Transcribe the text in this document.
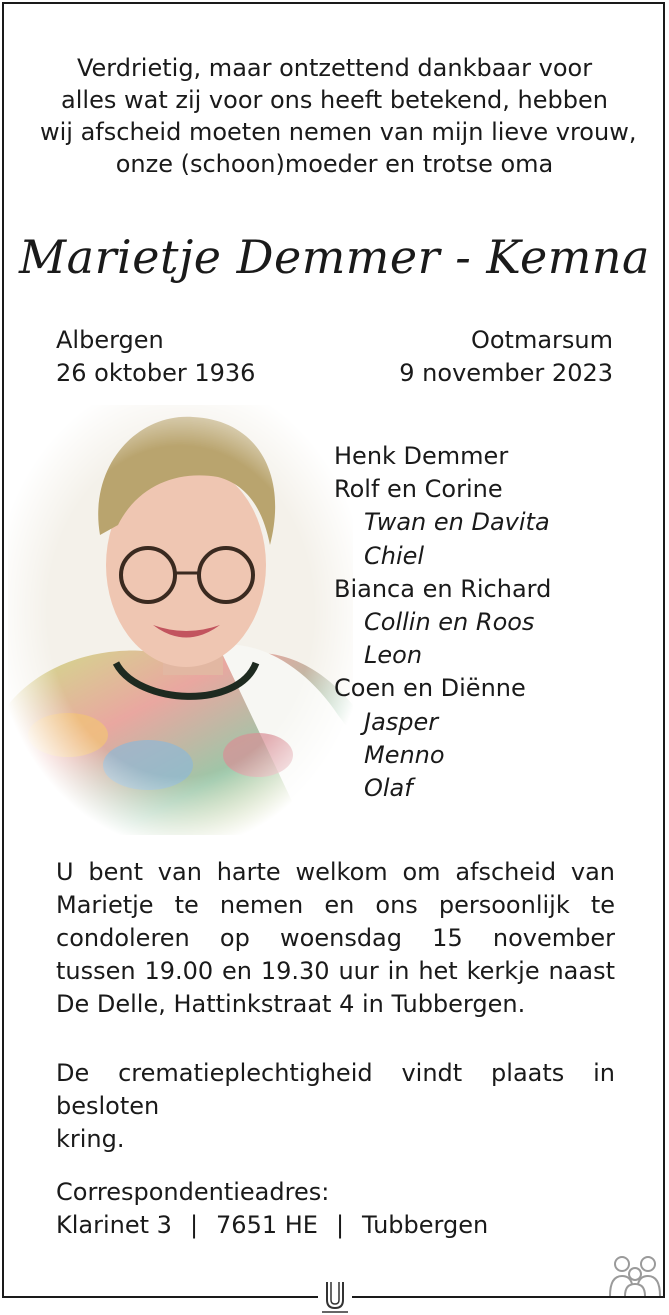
Verdrietig, maar ontzettend dankbaar voor
alles wat zij voor ons heeft betekend, hebben
wij afscheid moeten nemen van mijn lieve vrouw,
onze (schoon)moeder en trotse oma
Marietje Demmer - Kemna
Albergen
26 oktober 1936
Ootmarsum
9 november 2023
Henk Demmer
Rolf en Corine
Twan en Davita
Chiel
Bianca en Richard
Collin en Roos
Leon
Coen en Diënne
Jasper
Menno
Olaf
U bent van harte welkom om afscheid van
Marietje te nemen en ons persoonlijk te
condoleren op woensdag 15 november
tussen 19.00 en 19.30 uur in het kerkje naast
De Delle, Hattinkstraat 4 in Tubbergen.
De crematieplechtigheid vindt plaats in besloten
kring.
Correspondentieadres:
Klarinet 3 | 7651 HE | Tubbergen
